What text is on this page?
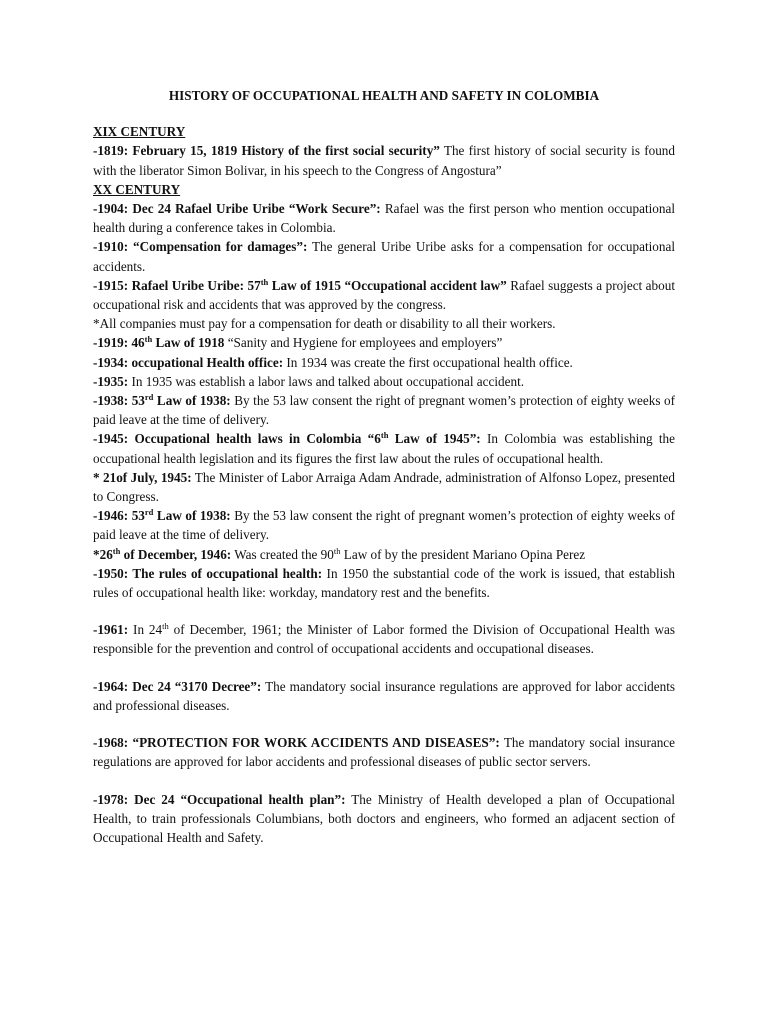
HISTORY OF OCCUPATIONAL HEALTH AND SAFETY IN COLOMBIA

XIX CENTURY

-1819: February 15, 1819 History of the first social security” The first history of social security is found with the liberator Simon Bolivar, in his speech to the Congress of Angostura”

XX CENTURY

-1904: Dec 24 Rafael Uribe Uribe “Work Secure”: Rafael was the first person who mention occupational health during a conference takes in Colombia.

-1910: “Compensation for damages”: The general Uribe Uribe asks for a compensation for occupational accidents.

-1915: Rafael Uribe Uribe: 57th Law of 1915 “Occupational accident law” Rafael suggests a project about occupational risk and accidents that was approved by the congress.

*All companies must pay for a compensation for death or disability to all their workers.

-1919: 46th Law of 1918 “Sanity and Hygiene for employees and employers”

-1934: occupational Health office: In 1934 was create the first occupational health office.

-1935: In 1935 was establish a labor laws and talked about occupational accident.

-1938: 53rd Law of 1938: By the 53 law consent the right of pregnant women’s protection of eighty weeks of paid leave at the time of delivery.

-1945: Occupational health laws in Colombia “6th Law of 1945”: In Colombia was establishing the occupational health legislation and its figures the first law about the rules of occupational health.

* 21of July, 1945: The Minister of Labor Arraiga Adam Andrade, administration of Alfonso Lopez, presented to Congress.

-1946: 53rd Law of 1938: By the 53 law consent the right of pregnant women’s protection of eighty weeks of paid leave at the time of delivery.

*26th of December, 1946: Was created the 90th Law of by the president Mariano Opina Perez

-1950: The rules of occupational health: In 1950 the substantial code of the work is issued, that establish rules of occupational health like: workday, mandatory rest and the benefits.

-1961: In 24th of December, 1961; the Minister of Labor formed the Division of Occupational Health was responsible for the prevention and control of occupational accidents and occupational diseases.

-1964: Dec 24 “3170 Decree”: The mandatory social insurance regulations are approved for labor accidents and professional diseases.

-1968: “PROTECTION FOR WORK ACCIDENTS AND DISEASES”: The mandatory social insurance regulations are approved for labor accidents and professional diseases of public sector servers.

-1978: Dec 24 “Occupational health plan”: The Ministry of Health developed a plan of Occupational Health, to train professionals Columbians, both doctors and engineers, who formed an adjacent section of Occupational Health and Safety.
